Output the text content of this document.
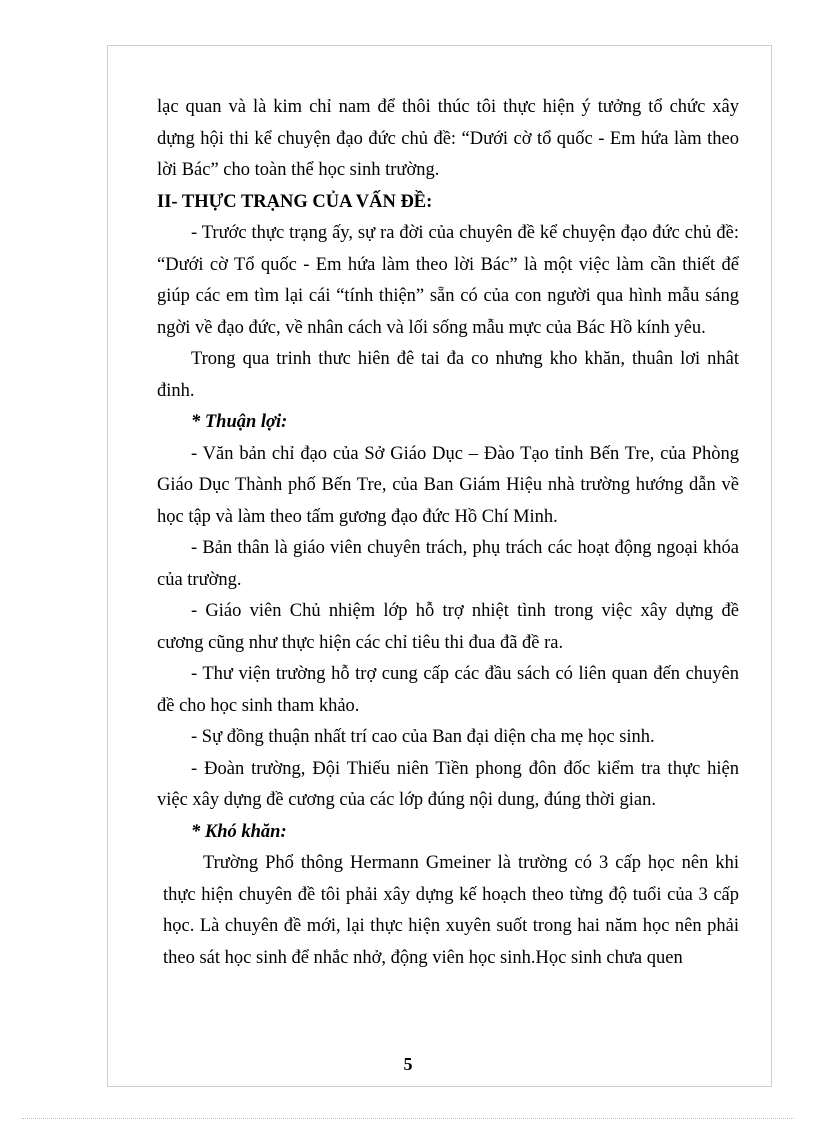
lạc quan và là kim chỉ nam để thôi thúc tôi thực hiện ý tưởng tổ chức xây dựng hội thi kể chuyện đạo đức chủ đề: “Dưới cờ tổ quốc - Em hứa làm theo lời Bác” cho toàn thể học sinh trường.

II- THỰC TRẠNG CỦA VẤN ĐỀ:

- Trước thực trạng ấy, sự ra đời của chuyên đề kể chuyện đạo đức chủ đề: “Dưới cờ Tổ quốc - Em hứa làm theo lời Bác” là một việc làm cần thiết để giúp các em tìm lại cái “tính thiện” sẵn có của con người qua hình mẫu sáng ngời về đạo đức, về nhân cách và lối sống mẫu mực của Bác Hồ kính yêu.

Trong qua trinh thưc hiên đê tai đa co nhưng kho khăn, thuân lơi nhât đinh.

* Thuận lợi:

- Văn bản chỉ đạo của Sở Giáo Dục – Đào Tạo tỉnh Bến Tre, của Phòng Giáo Dục Thành phố Bến Tre, của Ban Giám Hiệu nhà trường hướng dẫn về học tập và làm theo tấm gương đạo đức Hồ Chí Minh.

- Bản thân là giáo viên chuyên trách, phụ trách các hoạt động ngoại khóa của trường.

- Giáo viên Chủ nhiệm lớp hỗ trợ nhiệt tình trong việc xây dựng đề cương cũng như thực hiện các chỉ tiêu thi đua đã đề ra.

- Thư viện trường hỗ trợ cung cấp các đầu sách có liên quan đến chuyên đề cho học sinh tham khảo.

- Sự đồng thuận nhất trí cao của Ban đại diện cha mẹ học sinh.

- Đoàn trường, Đội Thiếu niên Tiền phong đôn đốc kiểm tra thực hiện việc xây dựng đề cương của các lớp đúng nội dung, đúng thời gian.

* Khó khăn:

Trường Phổ thông Hermann Gmeiner là trường có 3 cấp học nên khi thực hiện chuyên đề tôi phải xây dựng kế hoạch theo từng độ tuổi của 3 cấp học. Là chuyên đề mới, lại thực hiện xuyên suốt trong hai năm học nên phải theo sát học sinh để nhắc nhở, động viên học sinh.Học sinh chưa quen

5
